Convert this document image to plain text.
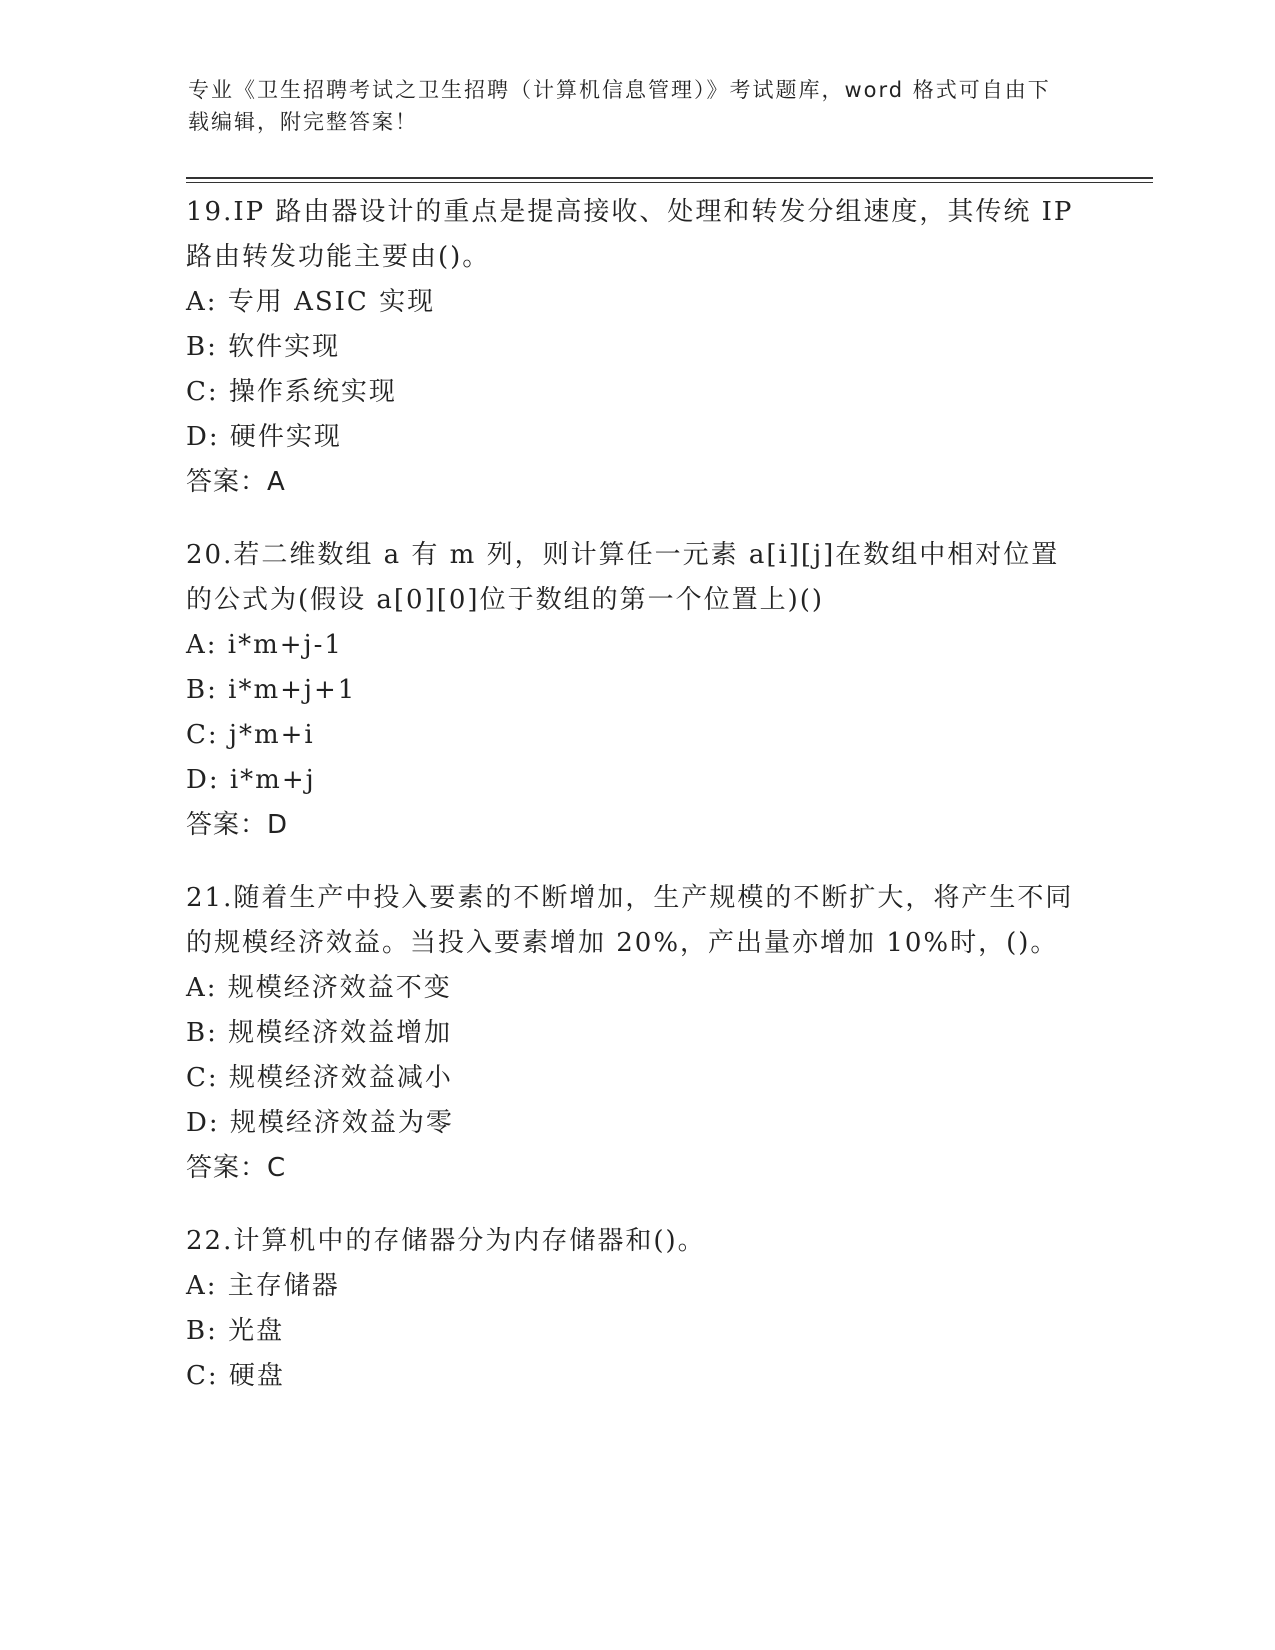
专业《卫生招聘考试之卫生招聘（计算机信息管理）》考试题库，word 格式可自由下载编辑，附完整答案！
19.IP 路由器设计的重点是提高接收、处理和转发分组速度，其传统 IP 路由转发功能主要由()。
A: 专用 ASIC 实现
B: 软件实现
C: 操作系统实现
D: 硬件实现
答案：A
20.若二维数组 a 有 m 列，则计算任一元素 a[i][j]在数组中相对位置的公式为(假设 a[0][0]位于数组的第一个位置上)()
A: i*m+j-1
B: i*m+j+1
C: j*m+i
D: i*m+j
答案：D
21.随着生产中投入要素的不断增加，生产规模的不断扩大，将产生不同的规模经济效益。当投入要素增加 20%，产出量亦增加 10%时，()。
A: 规模经济效益不变
B: 规模经济效益增加
C: 规模经济效益减小
D: 规模经济效益为零
答案：C
22.计算机中的存储器分为内存储器和()。
A: 主存储器
B: 光盘
C: 硬盘
